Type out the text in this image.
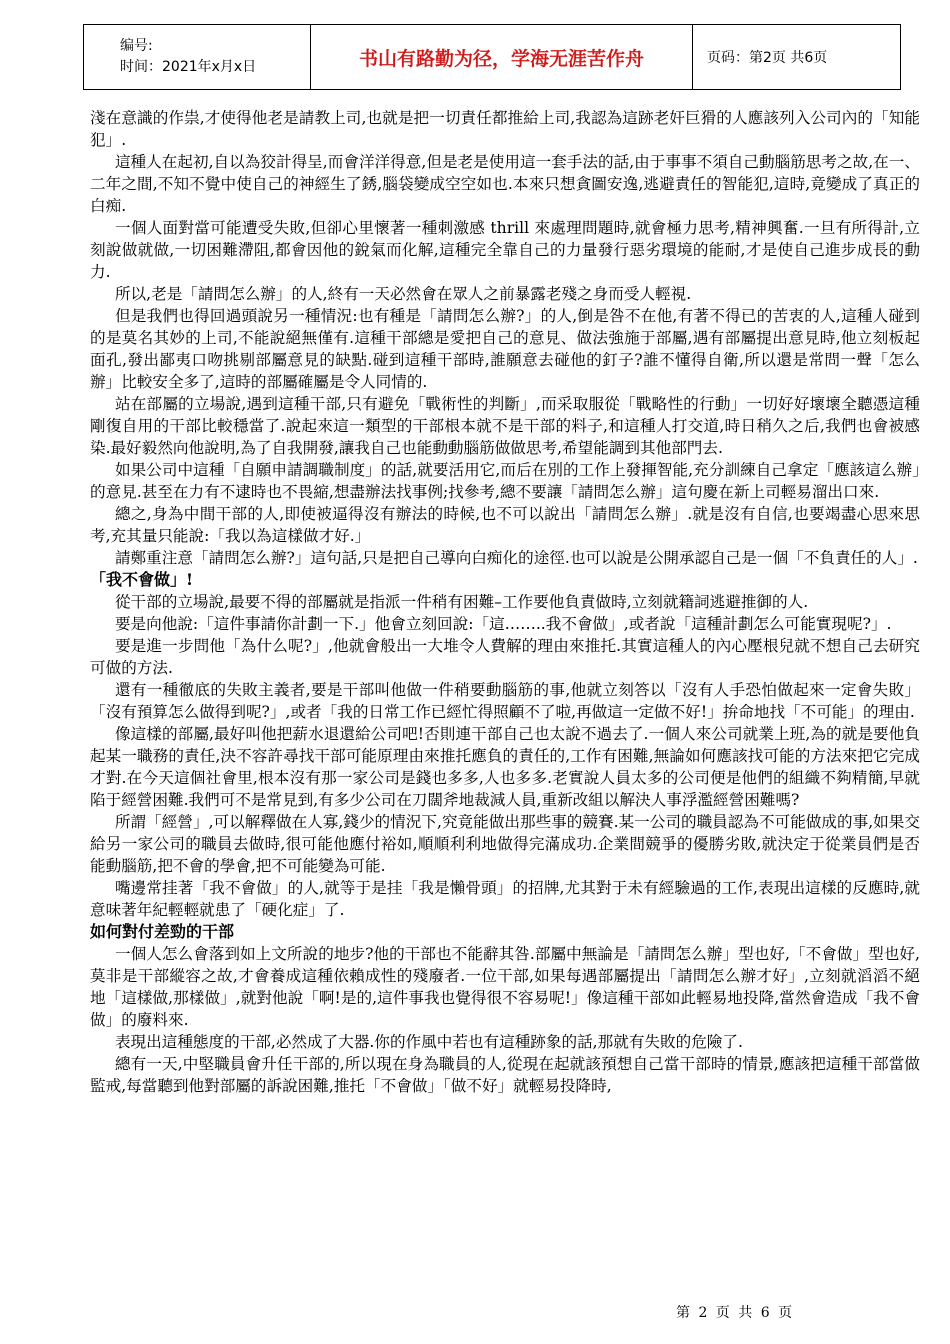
编号:
时间：2021年x月x日	书山有路勤为径，学海无涯苦作舟	页码：第2页 共6页

淺在意識的作祟,才使得他老是請教上司,也就是把一切責任都推給上司,我認為這跡老奸巨猾的人應該列入公司內的「知能犯」.

這種人在起初,自以為狡計得呈,而會洋洋得意,但是老是使用這一套手法的話,由于事事不須自己動腦筋思考之故,在一、二年之間,不知不覺中使自己的神經生了銹,腦袋變成空空如也.本來只想貪圖安逸,逃避責任的智能犯,這時,竟變成了真正的白痴.

一個人面對當可能遭受失敗,但卻心里懷著一種刺激感 thrill 來處理問題時,就會極力思考,精神興奮.一旦有所得計,立刻說做就做,一切困難滯阻,都會因他的銳氣而化解,這種完全靠自己的力量發行惡劣環境的能耐,才是使自己進步成長的動力.

所以,老是「請問怎么辦」的人,終有一天必然會在眾人之前暴露老殘之身而受人輕視.

但是我們也得回過頭說另一種情況:也有種是「請問怎么辦?」的人,倒是咎不在他,有著不得已的苦衷的人,這種人碰到的是莫名其妙的上司,不能說絕無僅有.這種干部總是愛把自己的意見、做法強施于部屬,遇有部屬提出意見時,他立刻板起面孔,發出鄙夷口吻挑剔部屬意見的缺點.碰到這種干部時,誰願意去碰他的釘子?誰不懂得自衛,所以還是常問一聲「怎么辦」比較安全多了,這時的部屬確屬是令人同情的.

站在部屬的立場說,遇到這種干部,只有避免「戰術性的判斷」,而采取服從「戰略性的行動」一切好好壞壞全聽憑這種剛復自用的干部比較穩當了.說起來這一類型的干部根本就不是干部的料子,和這種人打交道,時日稍久之后,我們也會被感染.最好毅然向他說明,為了自我開發,讓我自己也能動動腦筋做做思考,希望能調到其他部門去.

如果公司中這種「自願申請調職制度」的話,就要活用它,而后在別的工作上發揮智能,充分訓練自己拿定「應該這么辦」的意見.甚至在力有不逮時也不畏縮,想盡辦法找事例;找參考,總不要讓「請問怎么辦」這句慶在新上司輕易溜出口來.

總之,身為中間干部的人,即使被逼得沒有辦法的時候,也不可以說出「請問怎么辦」.就是沒有自信,也要竭盡心思來思考,充其量只能說:「我以為這樣做才好.」

請鄭重注意「請問怎么辦?」這句話,只是把自己導向白痴化的途徑.也可以說是公開承認自己是一個「不負責任的人」.

「我不會做」!

從干部的立場說,最要不得的部屬就是指派一件稍有困難–工作要他負責做時,立刻就籍詞逃避推御的人.

要是向他說:「這件事請你計劃一下.」他會立刻回說:「這……..我不會做」,或者說「這種計劃怎么可能實現呢?」.

要是進一步問他「為什么呢?」,他就會般出一大堆令人費解的理由來推托.其實這種人的內心壓根兒就不想自己去研究可做的方法.

還有一種徹底的失敗主義者,要是干部叫他做一件稍要動腦筋的事,他就立刻答以「沒有人手恐怕做起來一定會失敗」「沒有預算怎么做得到呢?」,或者「我的日常工作已經忙得照顧不了啦,再做這一定做不好!」拚命地找「不可能」的理由.

像這樣的部屬,最好叫他把薪水退還給公司吧!否則連干部自己也太說不過去了.一個人來公司就業上班,為的就是要他負起某一職務的責任,決不容許尋找干部可能原理由來推托應負的責任的,工作有困難,無論如何應該找可能的方法來把它完成才對.在今天這個社會里,根本沒有那一家公司是錢也多多,人也多多.老實說人員太多的公司便是他們的組織不夠精簡,早就陷于經營困難.我們可不是常見到,有多少公司在刀闊斧地裁減人員,重新改組以解決人事浮濫經營困難嗎?

所謂「經營」,可以解釋做在人寡,錢少的情況下,究竟能做出那些事的競賽.某一公司的職員認為不可能做成的事,如果交給另一家公司的職員去做時,很可能他應付裕如,順順利利地做得完滿成功.企業間競爭的優勝劣敗,就決定于從業員們是否能動腦筋,把不會的學會,把不可能變為可能.

嘴邊常挂著「我不會做」的人,就等于是挂「我是懶骨頭」的招牌,尤其對于未有經驗過的工作,表現出這樣的反應時,就意味著年紀輕輕就患了「硬化症」了.

如何對付差勁的干部

一個人怎么會落到如上文所說的地步?他的干部也不能辭其咎.部屬中無論是「請問怎么辦」型也好,「不會做」型也好,莫非是干部縱容之故,才會養成這種依賴成性的殘廢者.一位干部,如果每遇部屬提出「請問怎么辦才好」,立刻就滔滔不絕地「這樣做,那樣做」,就對他說「啊!是的,這件事我也覺得很不容易呢!」像這種干部如此輕易地投降,當然會造成「我不會做」的廢料來.

表現出這種態度的干部,必然成了大器.你的作風中若也有這種跡象的話,那就有失敗的危險了.

總有一天,中堅職員會升任干部的,所以現在身為職員的人,從現在起就該預想自己當干部時的情景,應該把這種干部當做監戒,每當聽到他對部屬的訴說困難,推托「不會做」「做不好」就輕易投降時,

第 2 页 共 6 页
